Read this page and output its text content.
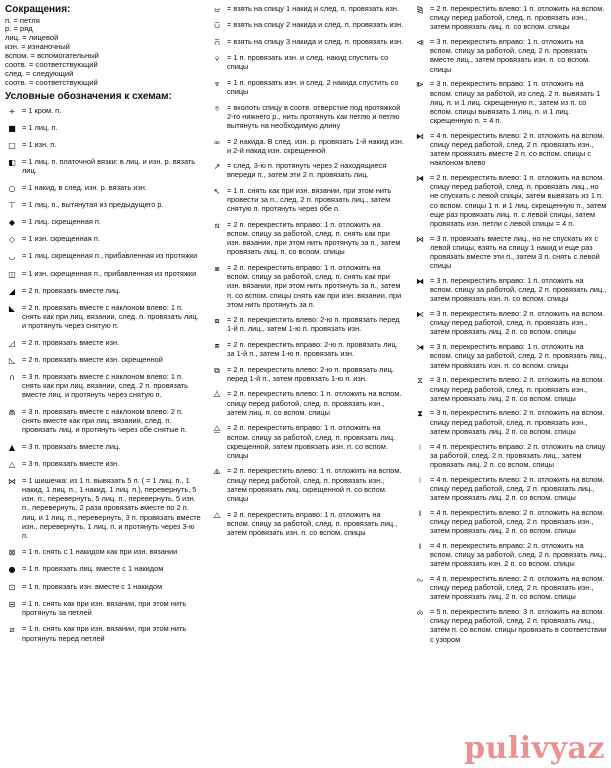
Сокращения:
п. = петля
р. = ряд
лиц. = лицевой
изн. = изнаночный
вспом. = вспомогательный
соотв. = соответствующий
след. = следующий
соотв. = соответствующий
Условные обозначения к схемам:
+ = 1 кром. п.
■ = 1 лиц. п.
□ = 1 изн. п.
◧ = 1 лиц. п. платочной вязки: в лиц. и изн. р. вязать лиц.
○ = 1 накид, в след. изн. р. вязать изн.
⊤ = 1 лиц. п., вытянутая из предыдущего р.
◆ = 1 лиц. скрещенная п.
◇ = 1 изн. скрещенная п.
◡ = 1 лиц. скрещенная п., прибавленная из протяжки
◫ = 1 изн. скрещенная п., прибавленная из протяжки
◢ = 2 п. провязать вместе лиц.
◣ = 2 п. провязать вместе с наклоном влево: 1 п. снять как при лиц. вязании, след. п. провязать лиц. и протянуть через снятую п.
◿ = 2 п. провязать вместе изн.
◺ = 2 п. провязать вместе изн. скрещенной
∩ = 3 п. провязать вместе с наклоном влево: 1 п. снять как при лиц. вязании, след. 2 п. провязать вместе лиц. и протянуть через снятую п.
⋒ = 3 п. провязать вместе с наклоном влево: 2 п. снять вместе как при лиц. вязании, след. п. провязать лиц. и протянуть через обе снятые п.
▲ = 3 п. провязать вместе лиц.
△ = 3 п. провязать вместе изн.
⋈ = 1 шишечка: из 1 п. вывязать 5 п. ( = 1 лиц. п., 1 накид, 1 лиц. п., 1 накид, 1 лиц. п.), перевернуть, 5 изн. п., перевернуть, 5 лиц. п., перевернуть, 5 изн. п., перевернуть, 2 раза провязать вместе по 2 п. лиц. и 1 лиц. п., перевернуть, 3 п. провязать вместе изн., перевернуть, 1 лиц. п. и протянуть через 3-ю п.
⊠ = 1 п. снять с 1 накидом как при изн. вязании
● = 1 п. провязать лиц. вместе с 1 накидом
⊡ = 1 п. провязать изн. вместе с 1 накидом
⊟ = 1 п. снять как при изн. вязании, при этом нить протянуть за петлей
⧄	= 1 п. снять как при изн. вязании, при этом нить протянуть перед петлей
⩁ = взять на спицу 1 накид и след. п. провязать изн.
⩂ = взять на спицу 2 накида и след. п. провязать изн.
⩃ = взять на спицу 3 накида и след. п. провязать изн.
⩒	= 1 п. провязать изн. и след. накид спустить со спицы
⩔	= 1 п. провязать изн. и след. 2 накида спустить со спицы
⌾	= вколоть спицу в соотв. отверстие под протяжкой 2-го нижнего р., нить протянуть как петлю и петлю вытянуть на необходимую длину
∞ = 2 накида. В след. изн. р. провязать 1-й накид изн. и 2-й накид изн. скрещенной
↗ = след. 3-ю п. протянуть через 2 находящиеся впереди п., затем эти 2 п. провязать лиц.
↖ = 1 п. снять как при изн. вязании, при этом нить провести за п., след. 2 п. провязать лиц., затем снятую п. протянуть через обе п.
⧅	= 2 п. перекрестить вправо: 1 п. отложить на вспом. спицу за работой, след. п. снять как при изн. вязании, при этом нить протянуть за п., затем провязать лиц. п. со вспом. спицы
⧆	= 2 п. перекрестить вправо: 1 п. отложить на вспом. спицу за работой, след. п. снять как при изн. вязании, при этом нить протянуть за п., затем п. со вспом. спицы снять как при изн. вязании, при этом нить протянуть за п.
⧇	= 2 п. перекрестить влево: 2-ю п. провязать перед 1-й п. лиц., затем 1-ю п. провязать изн.
⧈	= 2 п. перекрестить вправо: 2-ю п. провязать лиц. за 1-й п., затем 1-ю п. провязать изн.
⧉ = 2 п. перекрестить влево: 2-ю п. провязать лиц. перед 1-й п., затем провязать 1-ю п. изн.
⧊ = 2 п. перекрестить влево: 1 п. отложить на вспом. спицу перед работой, след. п. провязать изн., затем лиц. п. со вспом. спицы
⧋ = 2 п. перекрестить вправо: 1 п. отложить на вспом. спицу за работой, след. п. провязать лиц. скрещенной, затем провязать изн. п. со вспом. спицы
⧌ = 2 п. перекрестить влево: 1 п. отложить на вспом. спицу перед работой, след. п. провязать изн., затем провязать лиц. скрещенной п. со вспом. спицы
⧍ = 2 п. перекрестить вправо: 1 п. отложить на вспом. спицу за работой, след. п. провязать лиц., затем провязать изн. п. со вспом. спицы
⧎ = 2 п. перекрестить влево: 1 п. отложить на вспом. спицу перед работой, след. п. провязать изн., затем провязать лиц. п. со вспом. спицы
⧏ = 3 п. перекрестить вправо: 1 п. отложить на вспом. спицу за работой, след. 2 п. провязать вместе лиц., затем провязать изн. п. со вспом. спицы
⧐ = 3 п. перекрестить вправо: 1 п. отложить на вспом. спицу за работой, из след. 2 п. вывязать 1 лиц. п. и 1 лиц. скрещенную п., затем из п. со вспом. спицы вывязать 1 лиц. п. и 1 лиц. скрещенную п. = 4 п.
⧑ = 4 п. перекрестить влево: 2 п. отложить на вспом. спицу перед работой, след. 2 п. провязать изн., затем провязать вместе 2 п. со вспом. спицы с наклоном влево
⧒ = 2 п. перекрестить влево: 1 п. отложить на вспом. спицу перед работой, след. п. провязать лиц., но не спускать с левой спицы, затем вывязать из 1 п. со вспом. спицы 1 п. и 1 лиц. скрещенную п., затем еще раз провязать лиц. п. с левой спицы, затем провязать изн. петли с левой спицы = 4 п.
⋈ = 3 п. провязать вместе лиц., но не спускать их с левой спицы, взять на спицу 1 накид и еще раз провязать вместе эти п., затем 3 п. снять с левой спицы
⧓ = 3 п. перекрестить вправо: 1 п. отложить на вспом. спицу за работой, след. 2 п. провязать лиц., затем провязать изн. п. со вспом. спицы
⧔ = 3 п. перекрестить влево: 2 п. отложить на вспом. спицу перед работой, след. п. провязать изн., затем провязать лиц. 2 п. со вспом. спицы
⧕ = 3 п. перекрестить вправо: 1 п. отложить на вспом. спицу за работой, след. 2 п. провязать лиц., затем провязать изн. п. со вспом. спицы
⧖ = 3 п. перекрестить влево: 2 п. отложить на вспом. спицу перед работой, след. п. провязать изн., затем провязать лиц. 2 п. со вспом. спицы
⧗ = 3 п. перекрестить влево: 2 п. отложить на вспом. спицу перед работой, след. п. провязать изн., затем провязать лиц. 2 п. со вспом. спицы
⧘	= 4 п. перекрестить вправо: 2 п. отложить на спицу за работой, след. 2 п. провязать лиц., затем провязать лиц. 2 п. со вспом. спицы
⧙	= 4 п. перекрестить влево: 2 п. отложить на вспом. спицу перед работой, след. 2 п. провязать лиц., затем провязать лиц. 2 п. со вспом. спицы
⧚	= 4 п. перекрестить влево: 2 п. отложить на вспом. спицу перед работой, след. 2 п. провязать изн., затем провязать лиц. 2 п. со вспом. спицы
⧛	= 4 п. перекрестить вправо: 2 п. отложить на вспом. спицу за работой, след. 2 п. провязать лиц., затем провязать изн. 2 п. со вспом. спицы
⧜ = 4 п. перекрестить влево: 2 п. отложить на вспом. спицу перед работой, след. 2 п. провязать изн., затем провязать лиц. 2 п. со вспом. спицы
⧝ = 5 п. перекрестить влево: 3 п. отложить на вспом. спицу перед работой, след. 2 п. провязать лиц., затем п. со вспом. спицы провязать в соответствии с узором
pulivyaz
